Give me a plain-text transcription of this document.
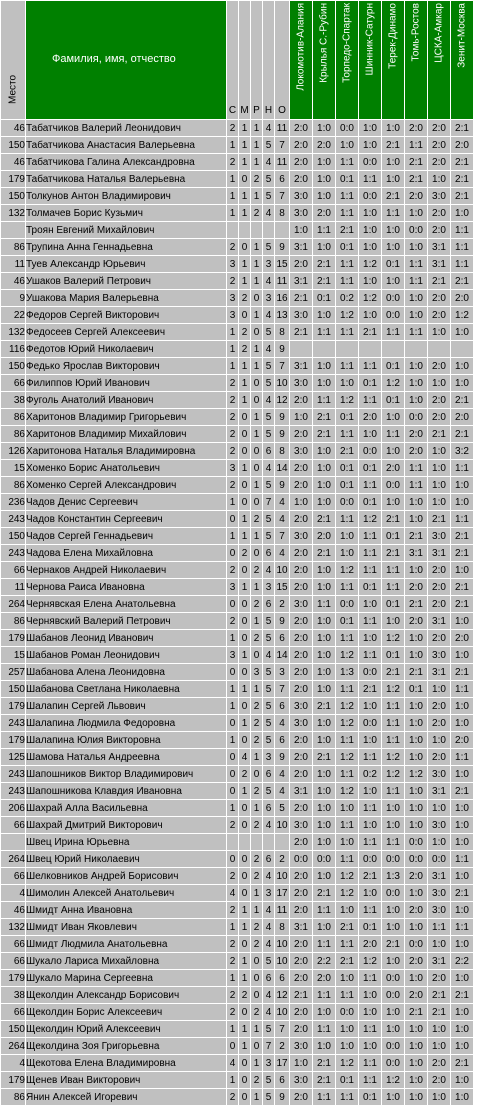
Место	Фамилия, имя, отчество	С	М	Р	Н	О	Локомотив-Алания	Крылья С.-Рубин	Торпедо-Спартак	Шинник-Сатурн	Терек-Динамо	Томь-Ростов	ЦСКА-Амкар	Зенит-Москва

46	Табатчиков Валерий Леонидович	2	1	1	4	11	2:0	1:0	0:0	1:0	1:0	2:0	2:0	2:1
150	Табатчикова Анастасия Валерьевна	1	1	1	5	7	2:0	2:0	1:0	1:0	2:1	1:1	2:0	2:0
46	Табатчикова Галина Александровна	2	1	1	4	11	2:0	1:0	1:1	0:0	1:0	2:1	2:0	2:1
179	Табатчикова Наталья Валерьевна	1	0	2	5	6	2:0	1:0	0:1	1:1	1:0	2:1	1:0	2:1
150	Толкунов Антон Владимирович	1	1	1	5	7	3:0	1:0	1:1	0:0	2:1	2:0	3:0	2:1
132	Толмачев Борис Кузьмич	1	1	2	4	8	3:0	2:0	1:1	1:0	1:1	1:0	2:0	1:0
	Троян Евгений Михайлович						1:0	1:1	2:1	1:0	1:0	0:0	2:0	1:1
86	Трупина Анна Геннадьевна	2	0	1	5	9	3:1	1:0	0:1	1:0	1:0	1:0	3:1	1:1
11	Туев Александр Юрьевич	3	1	1	3	15	2:0	2:1	1:1	1:2	0:1	1:1	3:1	1:1
46	Ушаков Валерий Петрович	2	1	1	4	11	3:1	2:1	1:1	1:0	1:0	1:1	2:1	2:1
9	Ушакова Мария Валерьевна	3	2	0	3	16	2:1	0:1	0:2	1:2	0:0	1:0	2:0	2:0
22	Федоров Сергей Викторович	3	0	1	4	13	3:0	1:0	1:2	1:0	0:0	1:0	2:0	1:2
132	Федосеев Сергей Алексеевич	1	2	0	5	8	2:1	1:1	1:1	2:1	1:1	1:1	1:0	1:0
116	Федотов Юрий Николаевич	1	2	1	4	9								
150	Федько Ярослав Викторович	1	1	1	5	7	3:1	1:0	1:1	1:1	0:1	1:0	2:0	1:0
66	Филиппов Юрий Иванович	2	1	0	5	10	3:0	1:0	1:0	0:1	1:2	1:0	1:0	1:0
38	Фуголь Анатолий Иванович	2	1	0	4	12	2:0	1:1	1:2	1:1	0:1	1:0	2:0	2:1
86	Харитонов Владимир Григорьевич	2	0	1	5	9	1:0	2:1	0:1	2:0	1:0	0:0	2:0	2:0
86	Харитонов Владимир Михайлович	2	0	1	5	9	2:0	2:1	1:1	1:0	1:1	2:0	2:1	2:1
126	Харитонова Наталья Владимировна	2	0	0	6	8	3:0	1:0	2:1	0:0	1:0	2:0	1:0	3:2
15	Хоменко Борис Анатольевич	3	1	0	4	14	2:0	1:0	0:1	0:1	2:0	1:1	1:0	1:1
86	Хоменко Сергей Александрович	2	0	1	5	9	2:0	1:0	0:1	1:1	0:0	1:1	1:0	1:0
236	Чадов Денис Сергеевич	1	0	0	7	4	1:0	1:0	0:0	0:1	1:0	1:0	1:0	1:0
243	Чадов Константин Сергеевич	0	1	2	5	4	2:0	2:1	1:1	1:2	2:1	1:0	2:1	1:1
150	Чадов Сергей Геннадьевич	1	1	1	5	7	3:0	2:0	1:0	1:1	0:1	2:1	3:0	2:1
243	Чадова Елена Михайловна	0	2	0	6	4	2:0	2:1	1:0	1:1	2:1	3:1	3:1	2:1
66	Чернаков Андрей Николаевич	2	0	2	4	10	2:0	1:0	1:2	1:1	1:1	1:0	2:0	1:0
11	Чернова Раиса Ивановна	3	1	1	3	15	2:0	1:0	1:1	0:1	1:1	2:0	2:0	2:1
264	Чернявская Елена Анатольевна	0	0	2	6	2	3:0	1:1	0:0	1:0	0:1	2:1	2:0	2:1
86	Чернявский Валерий Петрович	2	0	1	5	9	2:0	1:0	0:1	1:1	1:0	2:0	3:1	1:0
179	Шабанов Леонид Иванович	1	0	2	5	6	2:0	1:0	1:1	1:0	1:2	1:0	2:0	2:0
15	Шабанов Роман Леонидович	3	1	0	4	14	2:0	1:0	1:2	1:1	0:1	1:0	3:0	1:0
257	Шабанова Алена Леонидовна	0	0	3	5	3	2:0	1:0	1:3	0:0	2:1	2:1	3:1	2:1
150	Шабанова Светлана Николаевна	1	1	1	5	7	2:0	1:0	1:1	2:1	1:2	0:1	1:0	1:1
179	Шалапин Сергей Львович	1	0	2	5	6	3:0	2:1	1:2	1:0	1:1	1:0	2:0	1:0
243	Шалапина Людмила Федоровна	0	1	2	5	4	3:0	1:0	1:2	0:0	1:1	1:0	2:0	1:0
179	Шалапина Юлия Викторовна	1	0	2	5	6	2:0	1:0	1:1	1:0	1:1	1:0	1:0	2:0
125	Шамова Наталья Андреевна	0	4	1	3	9	2:0	2:1	1:2	1:1	1:2	1:0	2:0	1:1
243	Шапошников Виктор Владимирович	0	2	0	6	4	2:0	1:0	1:1	0:2	1:2	1:2	3:0	1:0
243	Шапошникова Клавдия Ивановна	0	1	2	5	4	3:1	1:0	1:2	1:0	1:1	1:0	3:1	2:1
206	Шахрай Алла Васильевна	1	0	1	6	5	2:0	1:0	1:0	1:1	1:0	1:0	1:0	1:0
66	Шахрай Дмитрий Викторович	2	0	2	4	10	3:0	1:0	1:1	1:0	1:0	1:0	3:0	1:0
	Швец Ирина Юрьевна						2:0	1:0	1:0	1:1	1:1	0:0	1:0	1:0
264	Швец Юрий Николаевич	0	0	2	6	2	0:0	0:0	1:1	0:0	0:0	0:0	0:0	1:1
66	Шелковников Андрей Борисович	2	0	2	4	10	2:0	1:0	1:2	2:1	1:3	2:0	3:1	1:0
4	Шимолин Алексей Анатольевич	4	0	1	3	17	2:0	2:1	1:2	1:0	0:0	1:0	3:0	2:1
46	Шмидт Анна Ивановна	2	1	1	4	11	2:0	1:1	1:0	1:1	1:0	2:0	3:0	1:0
132	Шмидт Иван Яковлевич	1	1	2	4	8	3:1	1:0	2:1	0:1	1:0	1:0	1:1	1:1
66	Шмидт Людмила Анатольевна	2	0	2	4	10	2:0	1:1	1:1	2:0	2:1	0:0	1:0	1:0
66	Шукало Лариса Михайловна	2	1	0	5	10	2:0	2:2	2:1	1:2	1:0	2:0	3:1	2:2
179	Шукало Марина Сергеевна	1	1	0	6	6	2:0	2:0	1:0	1:1	0:0	1:0	2:0	1:0
38	Щеколдин Александр Борисович	2	2	0	4	12	2:1	1:1	1:1	1:0	0:0	2:0	2:1	2:1
66	Щеколдин Борис Алексеевич	2	0	2	4	10	2:0	1:0	0:0	1:0	1:0	2:1	2:1	1:0
150	Щеколдин Юрий Алексеевич	1	1	1	5	7	2:0	1:1	1:0	1:1	1:0	1:0	1:0	1:0
264	Щеколдина Зоя Григорьевна	0	1	0	7	2	3:0	1:0	1:0	1:0	0:0	1:0	1:0	1:0
4	Щекотова Елена Владимировна	4	0	1	3	17	1:0	2:1	1:2	1:1	0:0	1:0	2:0	2:1
179	Щенев Иван Викторович	1	0	2	5	6	3:0	2:1	0:1	1:1	1:2	1:0	2:0	1:0
86	Янин Алексей Игоревич	2	0	1	5	9	2:0	1:1	1:1	0:1	1:0	1:0	1:0	1:0
